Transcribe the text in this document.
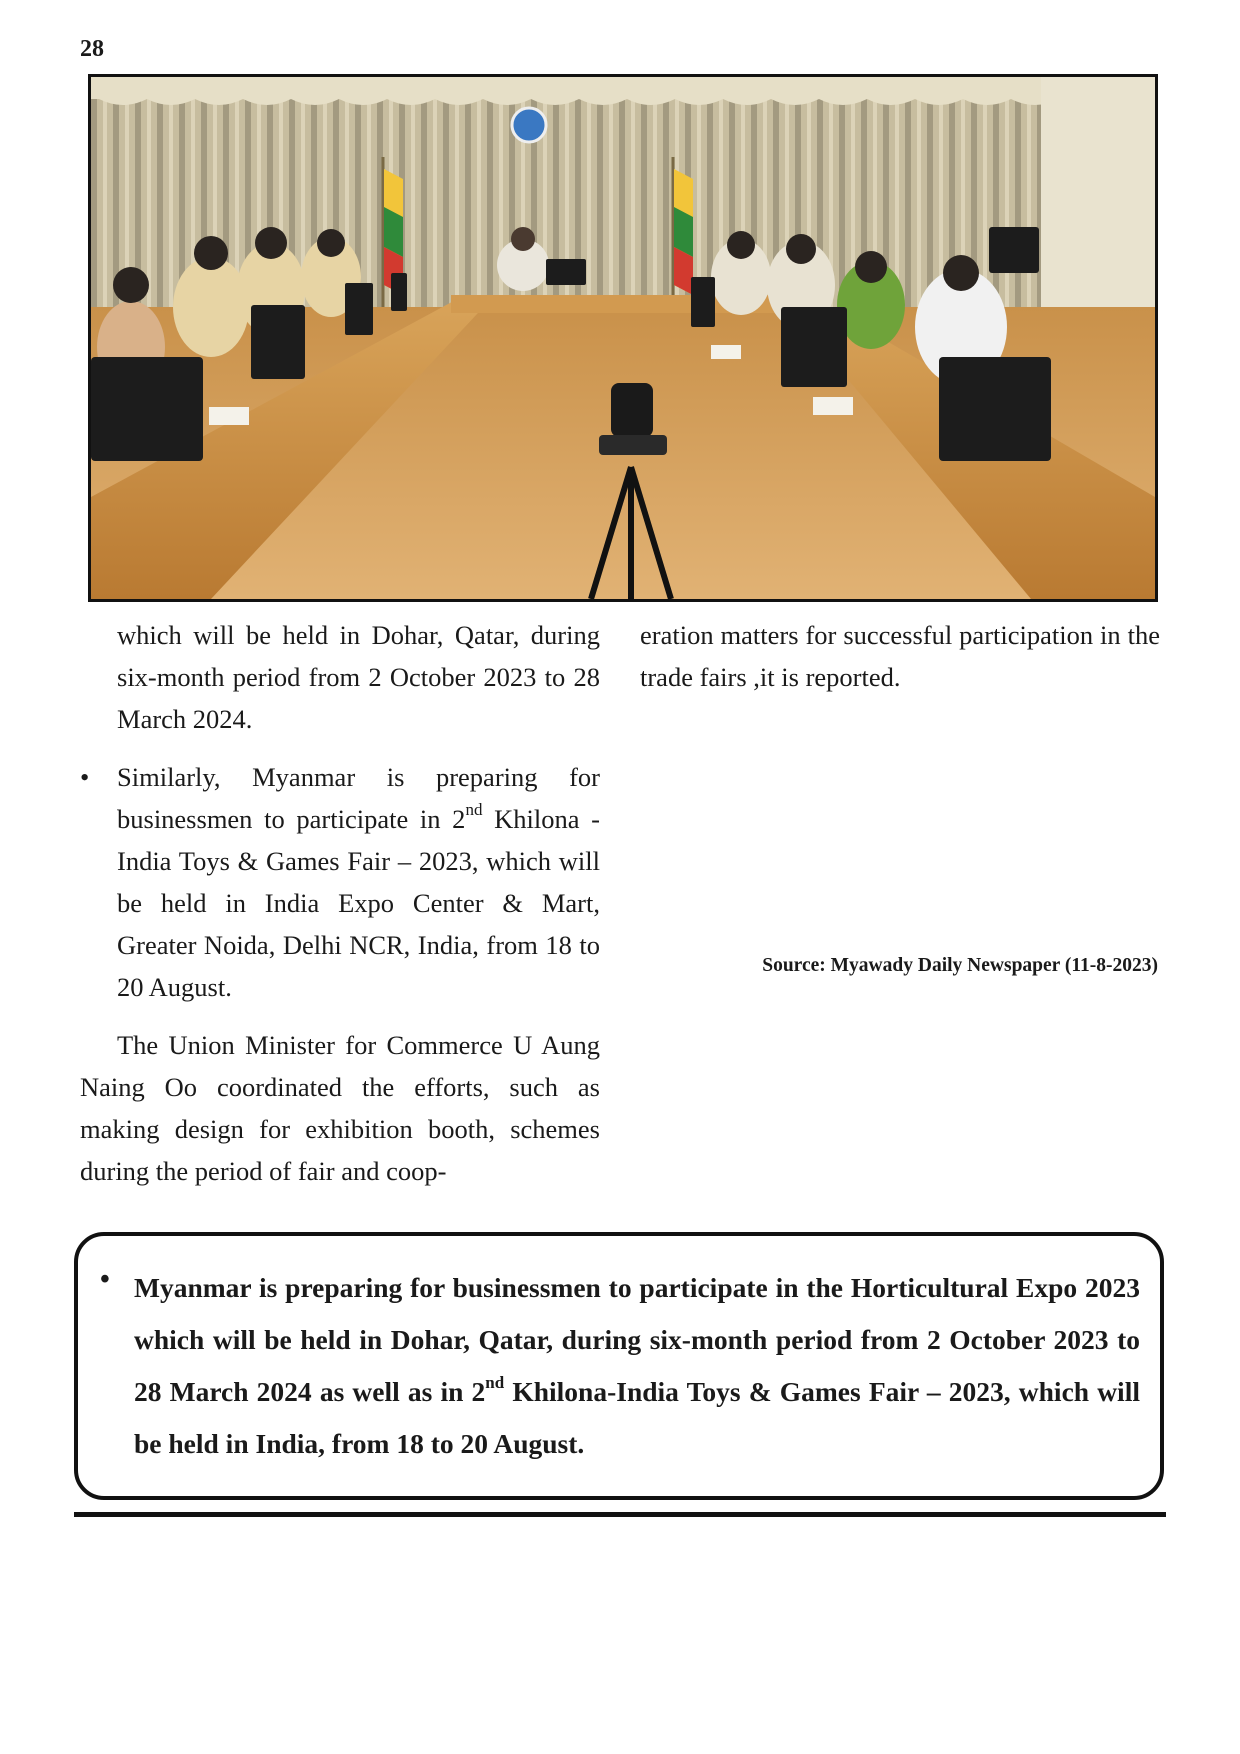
28

which will be held in Dohar, Qatar, during six-month period from 2 October 2023 to 28 March 2024.

• Similarly, Myanmar is preparing for businessmen to participate in 2nd Khilona -India Toys & Games Fair – 2023, which will be held in India Expo Center & Mart, Greater Noida, Delhi NCR, India, from 18 to 20 August.

The Union Minister for Commerce U Aung Naing Oo coordinated the efforts, such as making design for exhibition booth, schemes during the period of fair and coop-

eration matters for successful participation in the trade fairs ,it is reported.

Source: Myawady Daily Newspaper (11-8-2023)
• Myanmar is preparing for businessmen to participate in the Horticultural Expo 2023 which will be held in Dohar, Qatar, during six-month period from 2 October 2023 to 28 March 2024 as well as in 2nd Khilona-India Toys & Games Fair – 2023, which will be held in India, from 18 to 20 August.
